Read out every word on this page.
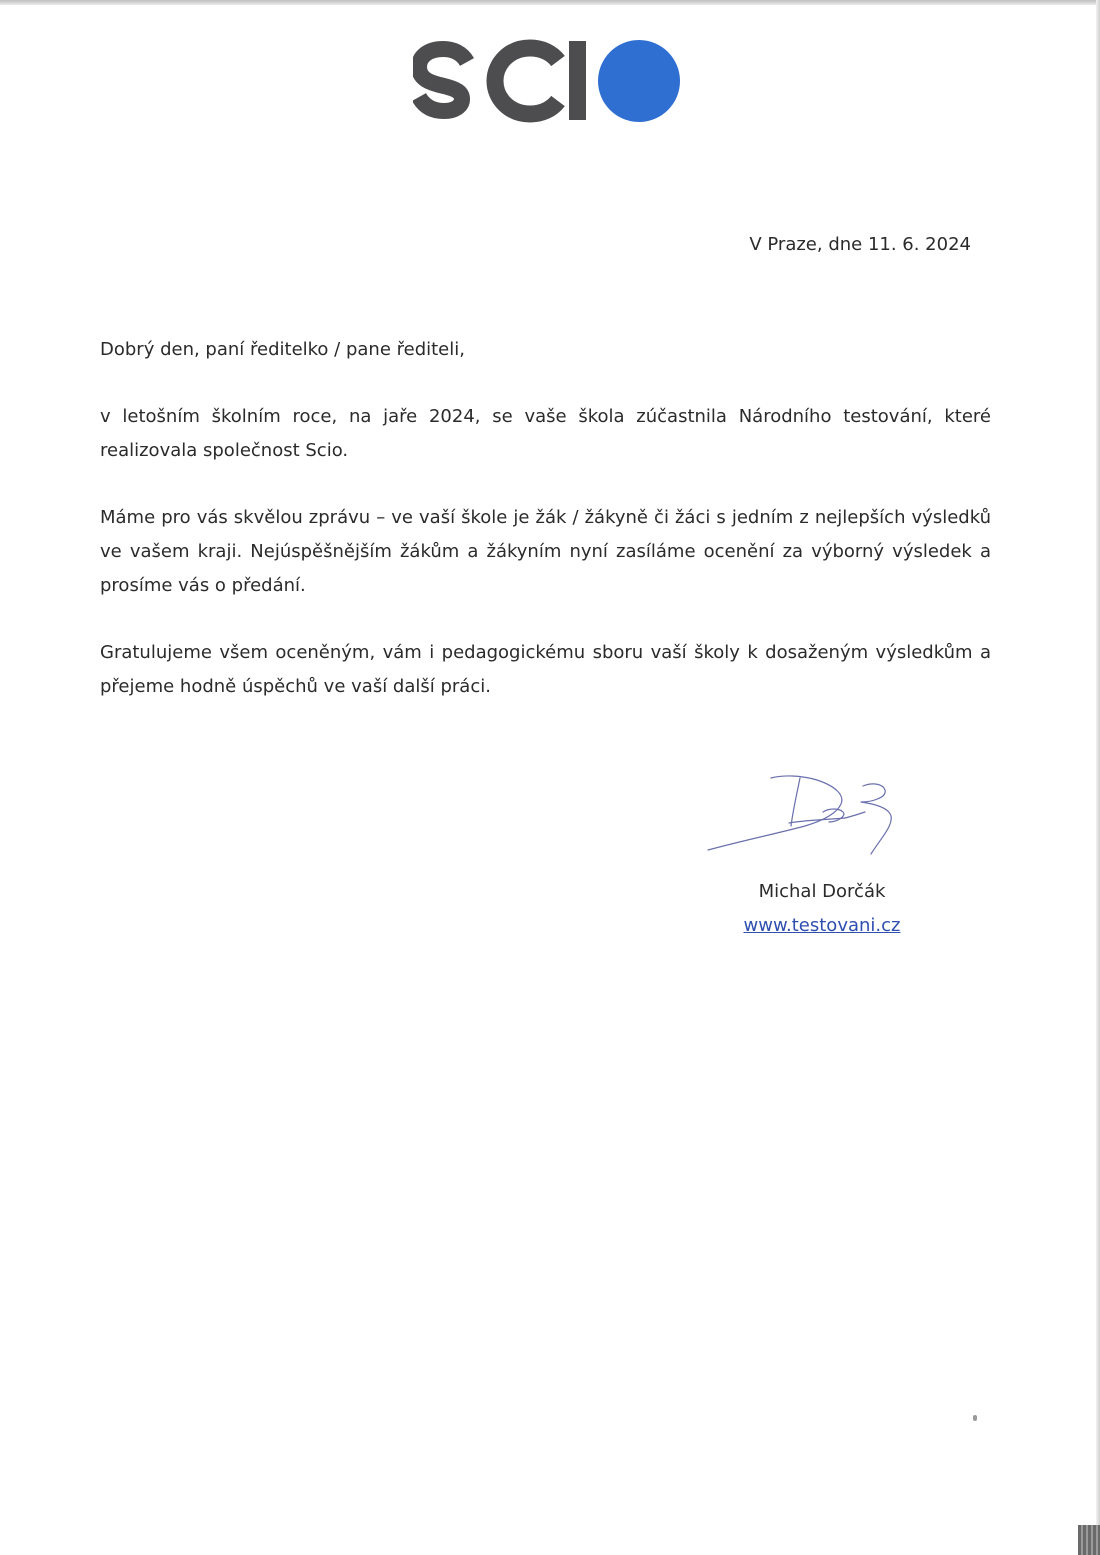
V Praze, dne 11. 6. 2024

Dobrý den, paní ředitelko / pane řediteli,

v letošním školním roce, na jaře 2024, se vaše škola zúčastnila Národního testování, které realizovala společnost Scio.

Máme pro vás skvělou zprávu – ve vaší škole je žák / žákyně či žáci s jedním z nejlepších výsledků ve vašem kraji. Nejúspěšnějším žákům a žákyním nyní zasíláme ocenění za výborný výsledek a prosíme vás o předání.

Gratulujeme všem oceněným, vám i pedagogickému sboru vaší školy k dosaženým výsledkům a přejeme hodně úspěchů ve vaší další práci.

Michal Dorčák
www.testovani.cz
